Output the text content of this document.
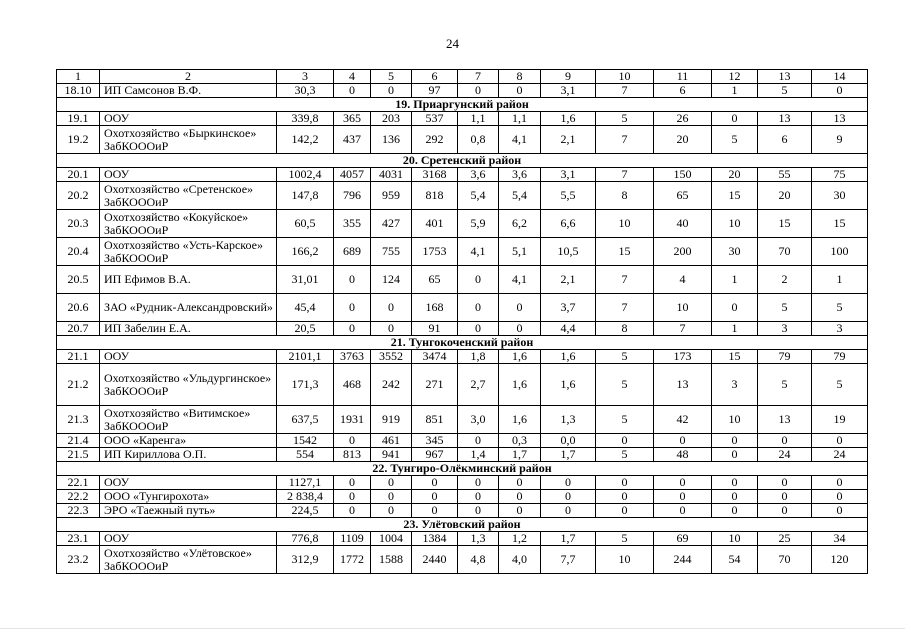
24
1	2	3	4	5	6	7	8	9	10	11	12	13	14
18.10	ИП Самсонов В.Ф.	30,3	0	0	97	0	0	3,1	7	6	1	5	0
19. Приаргунский район													
19.1	ООУ	339,8	365	203	537	1,1	1,1	1,6	5	26	0	13	13
19.2	Охотхозяйство «Быркинское» ЗабКОООиР	142,2	437	136	292	0,8	4,1	2,1	7	20	5	6	9
20. Сретенский район													
20.1	ООУ	1002,4	4057	4031	3168	3,6	3,6	3,1	7	150	20	55	75
20.2	Охотхозяйство «Сретенское» ЗабКОООиР	147,8	796	959	818	5,4	5,4	5,5	8	65	15	20	30
20.3	Охотхозяйство «Кокуйское» ЗабКОООиР	60,5	355	427	401	5,9	6,2	6,6	10	40	10	15	15
20.4	Охотхозяйство «Усть-Карское» ЗабКОООиР	166,2	689	755	1753	4,1	5,1	10,5	15	200	30	70	100
20.5	ИП Ефимов В.А.	31,01	0	124	65	0	4,1	2,1	7	4	1	2	1
20.6	ЗАО «Рудник-Александровский»	45,4	0	0	168	0	0	3,7	7	10	0	5	5
20.7	ИП Забелин Е.А.	20,5	0	0	91	0	0	4,4	8	7	1	3	3
21. Тунгокоченский район													
21.1	ООУ	2101,1	3763	3552	3474	1,8	1,6	1,6	5	173	15	79	79
21.2	Охотхозяйство «Ульдургинское» ЗабКОООиР	171,3	468	242	271	2,7	1,6	1,6	5	13	3	5	5
21.3	Охотхозяйство «Витимское» ЗабКОООиР	637,5	1931	919	851	3,0	1,6	1,3	5	42	10	13	19
21.4	ООО «Каренга»	1542	0	461	345	0	0,3	0,0	0	0	0	0	0
21.5	ИП Кириллова О.П.	554	813	941	967	1,4	1,7	1,7	5	48	0	24	24
22. Тунгиро-Олёкминский район													
22.1	ООУ	1127,1	0	0	0	0	0	0	0	0	0	0	0
22.2	ООО «Тунгирохота»	2 838,4	0	0	0	0	0	0	0	0	0	0	0
22.3	ЭРО «Таежный путь»	224,5	0	0	0	0	0	0	0	0	0	0	0
23. Улётовский район													
23.1	ООУ	776,8	1109	1004	1384	1,3	1,2	1,7	5	69	10	25	34
23.2	Охотхозяйство «Улётовское» ЗабКОООиР	312,9	1772	1588	2440	4,8	4,0	7,7	10	244	54	70	120
